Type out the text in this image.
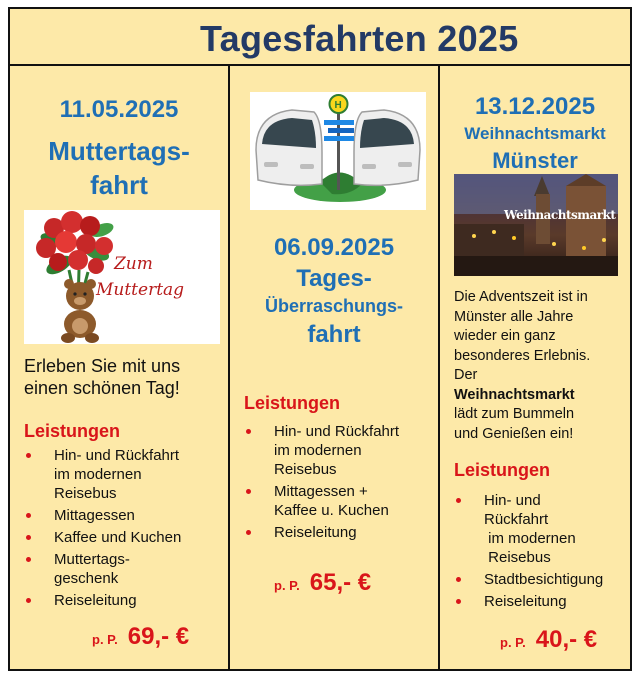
Tagesfahrten 2025
11.05.2025
Muttertags-
fahrt
Zum
Muttertag
Erleben Sie mit uns
einen schönen Tag!
Leistungen
Hin- und Rückfahrt
im modernen
Reisebus
Mittagessen
Kaffee und Kuchen
Muttertags-
geschenk
Reiseleitung
p. P. 69,- €
H
06.09.2025
Tages-
Überraschungs-
fahrt
Leistungen
Hin- und Rückfahrt
im modernen
Reisebus
Mittagessen +
Kaffee u. Kuchen
Reiseleitung
p. P. 65,- €
13.12.2025
Weihnachtsmarkt
Münster
Weihnachtsmarkt
Die Adventszeit ist in
Münster alle Jahre
wieder ein ganz
besonderes Erlebnis.
Der
Weihnachtsmarkt
lädt zum Bummeln
und Genießen ein!
Leistungen
Hin- und
Rückfahrt
im modernen
Reisebus
Stadtbesichtigung
Reiseleitung
p. P. 40,- €
